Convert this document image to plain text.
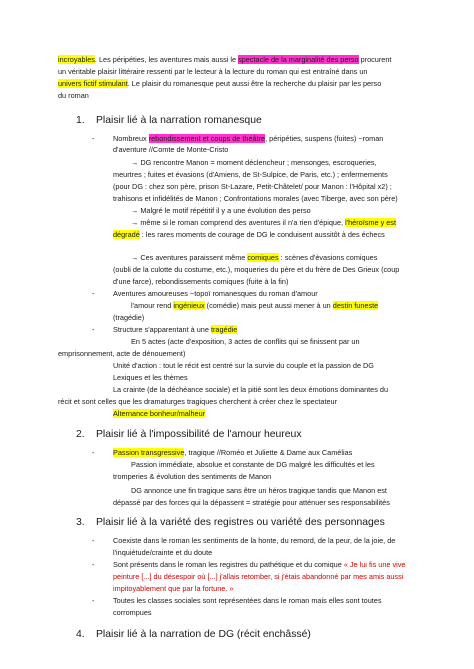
incroyables. Les péripéties, les aventures mais aussi le spectacle de la marginalité des perso procurent
un véritable plaisir littéraire ressenti par le lecteur à la lecture du roman qui est entraîné dans un
univers fictif stimulant. Le plaisir du romanesque peut aussi être la recherche du plaisir par les perso
du roman
1. Plaisir lié à la narration romanesque
-	Nombreux rebondissement et coups de théâtre, péripéties, suspens (fuites) ~roman
d'aventure //Comte de Monte-Cristo
→ DG rencontre Manon = moment déclencheur ; mensonges, escroqueries,
meurtres ; fuites et évasions (d'Amiens, de St-Sulpice, de Paris, etc.) ; enfermements
(pour DG : chez son père, prison St-Lazare, Petit-Châtelet/ pour Manon : l'Hôpital x2) ;
trahisons et infidélités de Manon ; Confrontations morales (avec Tiberge, avec son père)
→ Malgré le motif répétitif il y a une évolution des perso
→ même si le roman comprend des aventures il n'a rien d'épique, l'héroïsme y est
dégradé : les rares moments de courage de DG le conduisent aussitôt à des échecs
→ Ces aventures paraissent même comiques : scènes d'évasions comiques
(oubli de la culotte du costume, etc.), moqueries du père et du frère de Des Grieux (coup
d'une farce), rebondissements comiques (fuite à la fin)
-	Aventures amoureuses ~topoï romanesques du roman d'amour
l'amour rend ingénieux (comédie) mais peut aussi mener à un destin funeste
(tragédie)
-	Structure s'apparentant à une tragédie
En 5 actes (acte d'exposition, 3 actes de conflits qui se finissent par un
emprisonnement, acte de dénouement)
Unité d'action : tout le récit est centré sur la survie du couple et la passion de DG
Lexiques et les thèmes
La crainte (de la déchéance sociale) et la pitié sont les deux émotions dominantes du
récit et sont celles que les dramaturges tragiques cherchent à créer chez le spectateur
Alternance bonheur/malheur
2. Plaisir lié à l'impossibilité de l'amour heureux
-	Passion transgressive, tragique //Roméo et Juliette & Dame aux Camélias
Passion immédiate, absolue et constante de DG malgré les difficultés et les
tromperies & évolution des sentiments de Manon
DG annonce une fin tragique sans être un héros tragique tandis que Manon est
dépassé par des forces qui la dépassent = stratégie pour atténuer ses responsabilités
3. Plaisir lié à la variété des registres ou variété des personnages
-	Coexiste dans le roman les sentiments de la honte, du remord, de la peur, de la joie, de
l'inquiétude/crainte et du doute
-	Sont présents dans le roman les registres du pathétique et du comique « Je lui fis une vive
peinture [...] du désespoir où [...] j'allais retomber, si j'étais abandonné par mes amis aussi
impitoyablement que par la fortune. »
-	Toutes les classes sociales sont représentées dans le roman mais elles sont toutes
corrompues
4. Plaisir lié à la narration de DG (récit enchâssé)
